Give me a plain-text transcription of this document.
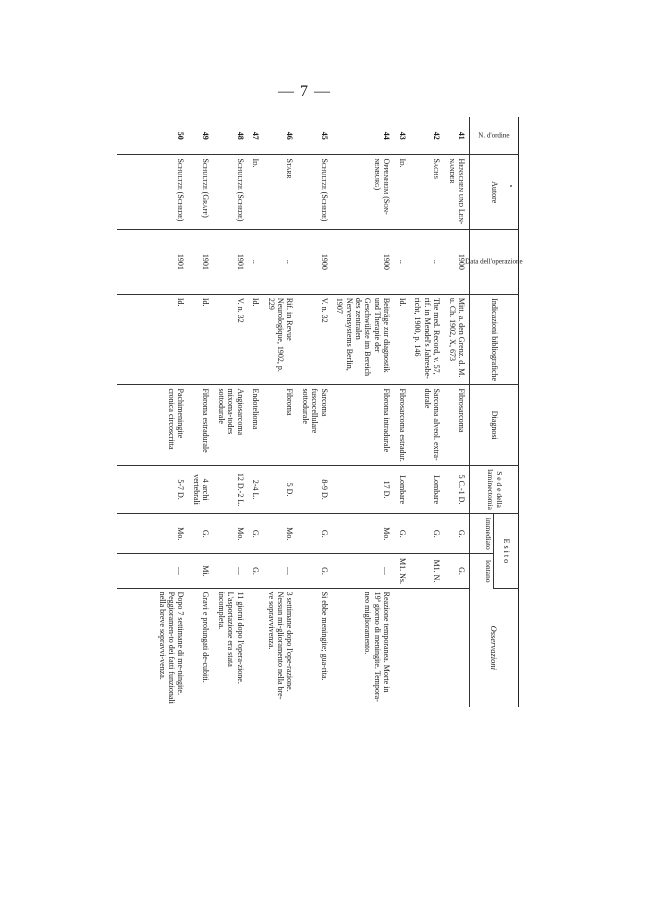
— 7 —
N. d'ordine	Autore	Data dell'operazione	Indicazioni bibliografiche	Diagnosi	S e d e della laminectomia	E s i t o		Osservazioni
						immediato	lontano	
41	Henschen und Len-nander	1900	Mitt. a. den Grenz. d. M. u. Ch. 1902, X, 673	Fibrosarcoma	5 C.-1 D.	G.	G.	
42	Sachs	..	The med. Record, v. 57, rif. in Mendel's Jahresbe-richt, 1900, p. 146	Sarcoma alveol. extra-durale	Lombare	G.	M1. N.	
43	Id.	..	Id.	Fibrosarcoma estradur.	Lombare	G.	M1. Ns.	
44	Oppenheim (Son-nenburg)	1900	Beiträge zur diagnostik und Therapie der Geschwülste im Bereich des zentralen Nervensystems Berlin, 1907	Fibroma intradurale	17 D.	Mo.	....	Reazione temporanea. Morte in 19ª giorno di meningite. Tempora-neo miglioramento.
45	Schultze (Schede)	1900	V. n. 32	Sarcoma fuscocellulare sottodurale	8-9 D.	G.	G.	Si ebbe meningite; gua-rita.
46	Starr	..	Rif. in Revue Neurologique, 1902, p. 229	Fibroma	5 D.	Mo.	....	3 settimane dopo l'ope-razione. Nessun mi-glioramento nella bre-ve sopravvivenza.
47	Id.	..	Id.	Endotelioma	2-4 L.	G.	G.	
48	Schultze (Schede)	1901	V. n. 32	Angiosarcoma mixoma-todes sottodurale	12 D.-2 L.	Mo.	....	11 giorni dopo l'opera-zione. L'asportazione era stata incompleta.
49	Schultze (Graff)	1901	Id.	Fibroma estradurale	4 archi vertebrali	G.	Mi.	Gravi e prolungati de-cubiti.
50	Schultze (Schede)	1901	Id.	Pachimeningite cronica circoscritta	5-7 D.	Mo.	....	Dopo 7 settimane di me-ningite. Peggioramen-to dei fatti funzionali nella breve sopravvi-venza.
